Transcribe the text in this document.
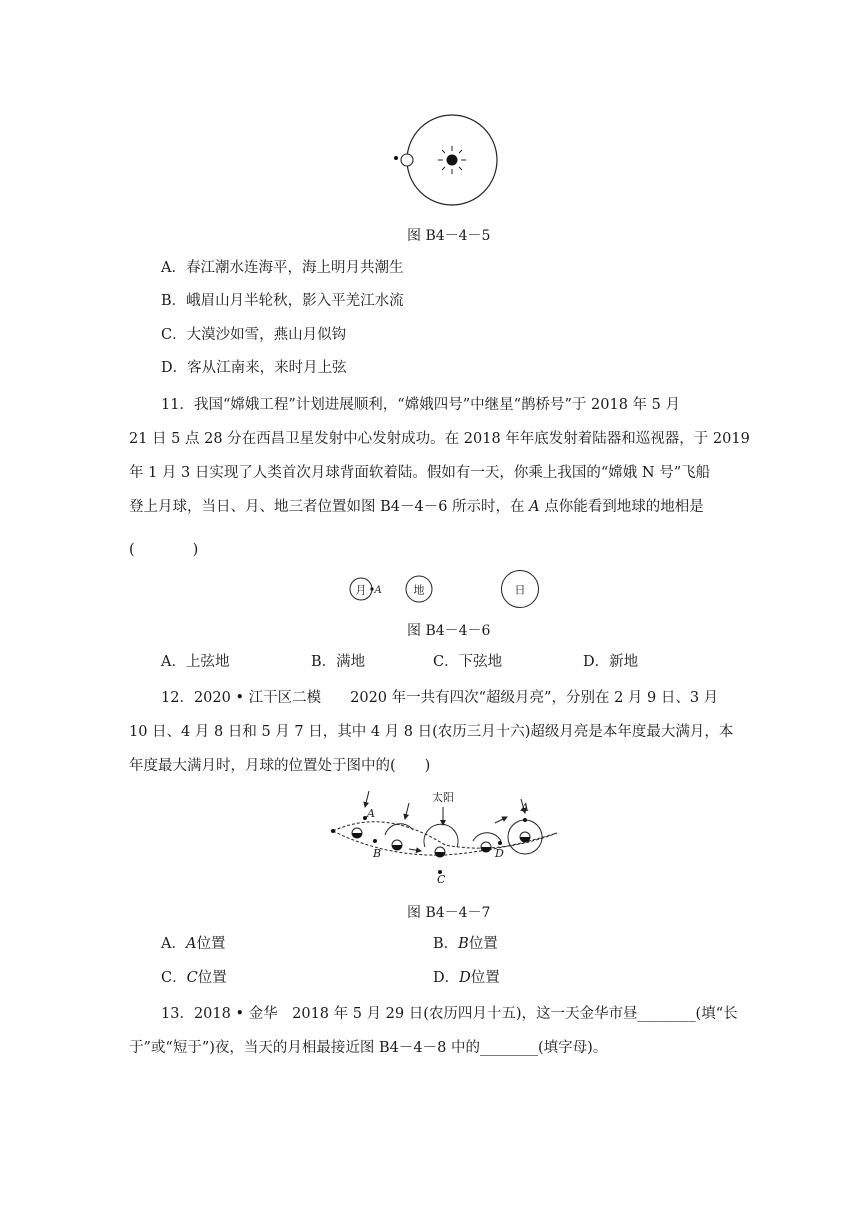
图 B4－4－5
A．春江潮水连海平，海上明月共潮生
B．峨眉山月半轮秋，影入平羌江水流
C．大漠沙如雪，燕山月似钩
D．客从江南来，来时月上弦
11．我国“嫦娥工程”计划进展顺利，“嫦娥四号”中继星“鹊桥号”于 2018 年 5 月
21 日 5 点 28 分在西昌卫星发射中心发射成功。在 2018 年年底发射着陆器和巡视器，于 2019
年 1 月 3 日实现了人类首次月球背面软着陆。假如有一天，你乘上我国的“嫦娥 N 号”飞船
登上月球，当日、月、地三者位置如图 B4－4－6 所示时，在 A 点你能看到地球的地相是
(　　　　)
月 A	地	日
图 B4－4－6
A．上弦地	B．满地	C．下弦地	D．新地
12．2020 • 江干区二模　　2020 年一共有四次“超级月亮”，分别在 2 月 9 日、3 月
10 日、4 月 8 日和 5 月 7 日，其中 4 月 8 日(农历三月十六)超级月亮是本年度最大满月，本
年度最大满月时，月球的位置处于图中的(　　)
太阳
A
B
C
D
A
图 B4－4－7
A．A位置	B．B位置
C．C位置	D．D位置
13．2018 • 金华　2018 年 5 月 29 日(农历四月十五)，这一天金华市昼________(填“长
于”或“短于”)夜，当天的月相最接近图 B4－4－8 中的________(填字母)。
